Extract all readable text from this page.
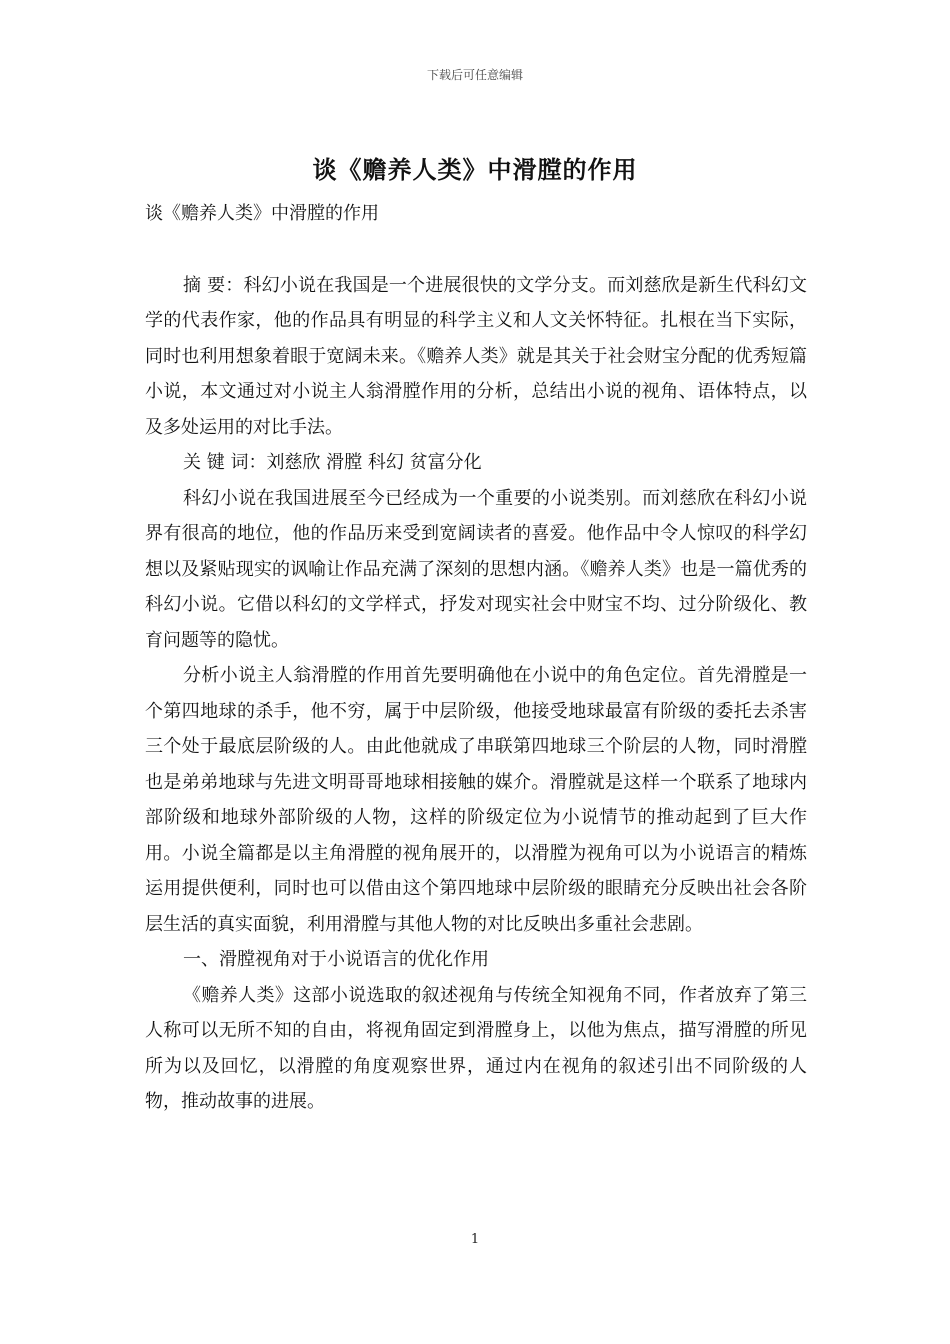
下载后可任意编辑
谈《赡养人类》中滑膛的作用

谈《赡养人类》中滑膛的作用

摘 要：科幻小说在我国是一个进展很快的文学分支。而刘慈欣是新生代科幻文学的代表作家，他的作品具有明显的科学主义和人文关怀特征。扎根在当下实际，同时也利用想象着眼于宽阔未来。《赡养人类》就是其关于社会财宝分配的优秀短篇小说，本文通过对小说主人翁滑膛作用的分析，总结出小说的视角、语体特点，以及多处运用的对比手法。

关 键 词：刘慈欣 滑膛 科幻 贫富分化

科幻小说在我国进展至今已经成为一个重要的小说类别。而刘慈欣在科幻小说界有很高的地位，他的作品历来受到宽阔读者的喜爱。他作品中令人惊叹的科学幻想以及紧贴现实的讽喻让作品充满了深刻的思想内涵。《赡养人类》也是一篇优秀的科幻小说。它借以科幻的文学样式，抒发对现实社会中财宝不均、过分阶级化、教育问题等的隐忧。

分析小说主人翁滑膛的作用首先要明确他在小说中的角色定位。首先滑膛是一个第四地球的杀手，他不穷，属于中层阶级，他接受地球最富有阶级的委托去杀害三个处于最底层阶级的人。由此他就成了串联第四地球三个阶层的人物，同时滑膛也是弟弟地球与先进文明哥哥地球相接触的媒介。滑膛就是这样一个联系了地球内部阶级和地球外部阶级的人物，这样的阶级定位为小说情节的推动起到了巨大作用。小说全篇都是以主角滑膛的视角展开的，以滑膛为视角可以为小说语言的精炼运用提供便利，同时也可以借由这个第四地球中层阶级的眼睛充分反映出社会各阶层生活的真实面貌，利用滑膛与其他人物的对比反映出多重社会悲剧。

一、滑膛视角对于小说语言的优化作用

《赡养人类》这部小说选取的叙述视角与传统全知视角不同，作者放弃了第三人称可以无所不知的自由，将视角固定到滑膛身上，以他为焦点，描写滑膛的所见所为以及回忆，以滑膛的角度观察世界，通过内在视角的叙述引出不同阶级的人物，推动故事的进展。

1
